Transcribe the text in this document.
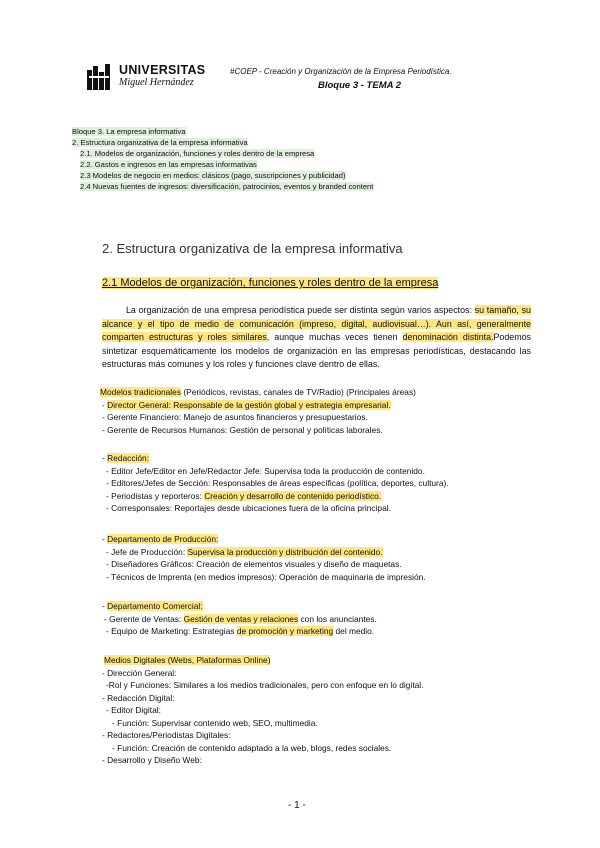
UNIVERSITAS
Miguel Hernández
#COEP - Creación y Organización de la Empresa Periodística.
Bloque 3 - TEMA 2
Bloque 3. La empresa informativa
2. Estructura organizativa de la empresa informativa
2.1. Modelos de organización, funciones y roles dentro de la empresa
2.2. Gastos e ingresos en las empresas informativas
2.3 Modelos de negocio en medios: clásicos (pago, suscripciones y publicidad)
2.4 Nuevas fuentes de ingresos: diversificación, patrocinios, eventos y branded content
2. Estructura organizativa de la empresa informativa
2.1 Modelos de organización, funciones y roles dentro de la empresa
La organización de una empresa periodística puede ser distinta según varios aspectos: su tamaño, su alcance y el tipo de medio de comunicación (impreso, digital, audiovisual…). Aun así, generalmente comparten estructuras y roles similares, aunque muchas veces tienen denominación distinta.Podemos sintetizar esquemáticamente los modelos de organización en las empresas periodísticas, destacando las estructuras más comunes y los roles y funciones clave dentro de ellas.
Modelos tradicionales (Periódicos, revistas, canales de TV/Radio) (Principales áreas)
- Director General: Responsable de la gestión global y estrategia empresarial.
- Gerente Financiero: Manejo de asuntos financieros y presupuestarios.
- Gerente de Recursos Humanos: Gestión de personal y políticas laborales.
- Redacción:
- Editor Jefe/Editor en Jefe/Redactor Jefe: Supervisa toda la producción de contenido.
- Editores/Jefes de Sección: Responsables de áreas específicas (política, deportes, cultura).
- Periodistas y reporteros: Creación y desarrollo de contenido periodístico.
- Corresponsales: Reportajes desde ubicaciones fuera de la oficina principal.
- Departamento de Producción:
- Jefe de Producción: Supervisa la producción y distribución del contenido.
- Diseñadores Gráficos: Creación de elementos visuales y diseño de maquetas.
- Técnicos de Imprenta (en medios impresos): Operación de maquinaria de impresión.
- Departamento Comercial:
- Gerente de Ventas: Gestión de ventas y relaciones con los anunciantes.
- Equipo de Marketing: Estrategias de promoción y marketing del medio.
Medios Digitales (Webs, Plataformas Online)
- Dirección General:
-Rol y Funciones: Similares a los medios tradicionales, pero con enfoque en lo digital.
- Redacción Digital:
- Editor Digital:
- Función: Supervisar contenido web, SEO, multimedia.
- Redactores/Periodistas Digitales:
- Función: Creación de contenido adaptado a la web, blogs, redes sociales.
- Desarrollo y Diseño Web:
- 1 -
